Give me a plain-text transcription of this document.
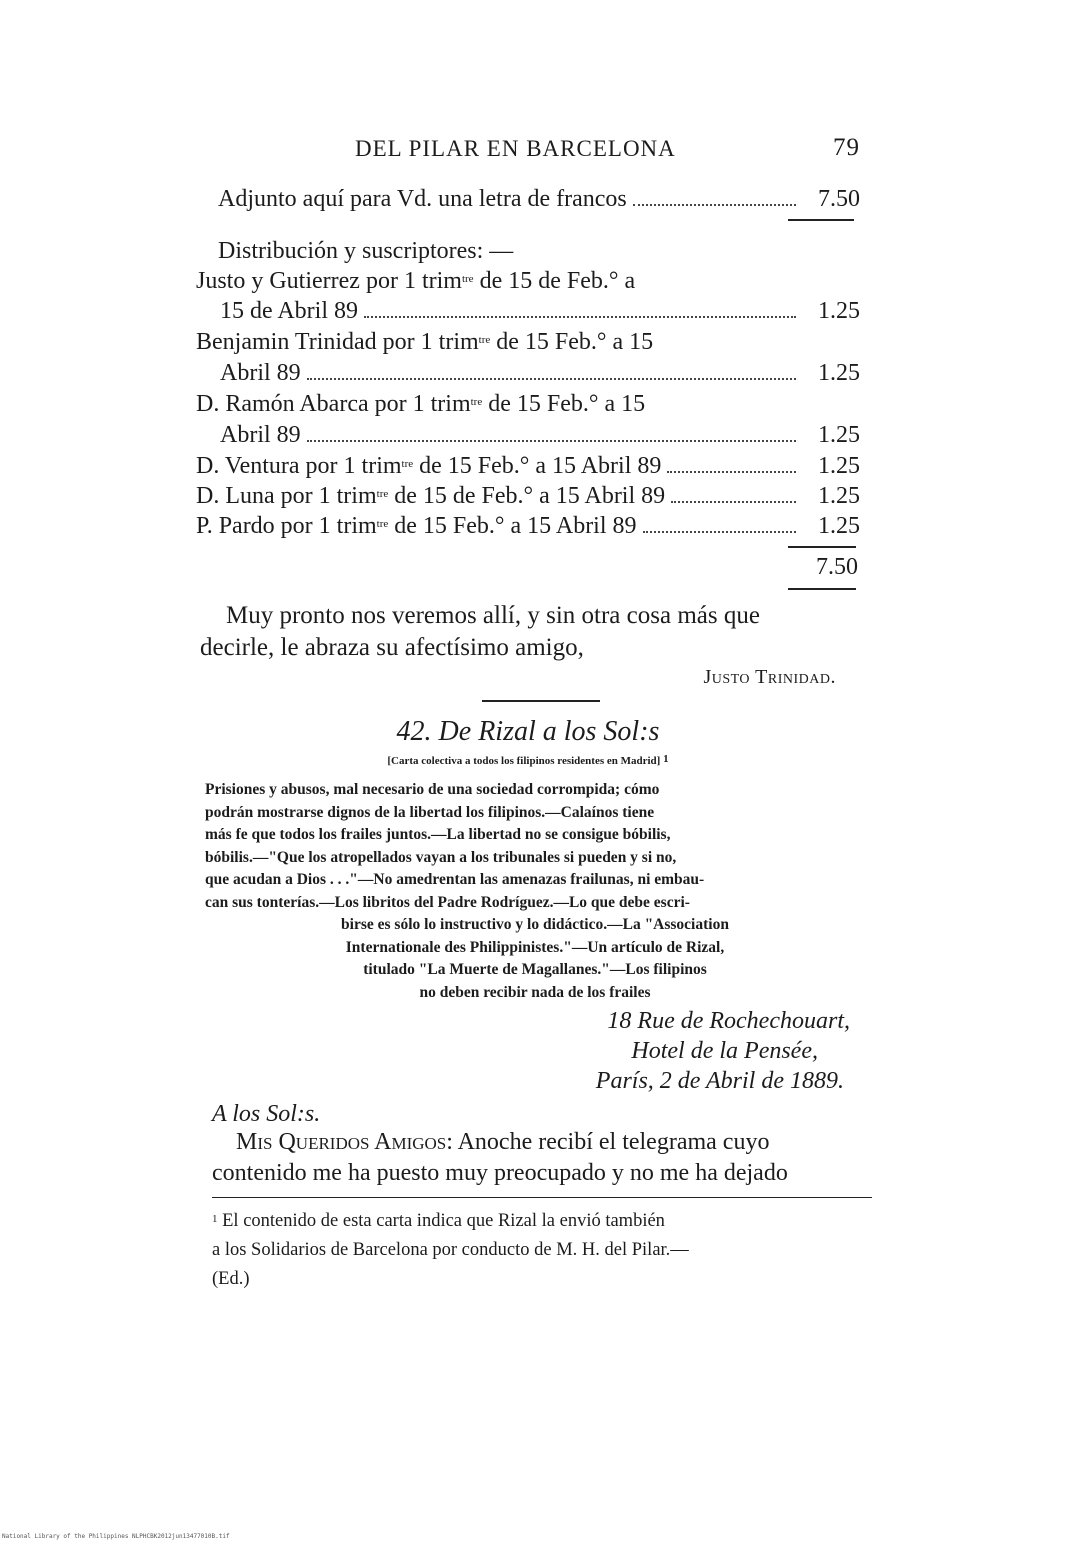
DEL PILAR EN BARCELONA	79
Adjunto aquí para Vd. una letra de francos	7.50
Distribución y suscriptores: —
Justo y Gutierrez por 1 trim$^{tre}$ de 15 de Feb.° a
15 de Abril 89	1.25
Benjamin Trinidad por 1 trim$^{tre}$ de 15 Feb.° a 15
Abril 89	1.25
D. Ramón Abarca por 1 trim$^{tre}$ de 15 Feb.° a 15
Abril 89	1.25
D. Ventura por 1 trim$^{tre}$ de 15 Feb.° a 15 Abril 89	1.25
D. Luna por 1 trim$^{tre}$ de 15 de Feb.° a 15 Abril 89	1.25
P. Pardo por 1 trim$^{tre}$ de 15 Feb.° a 15 Abril 89	1.25
7.50
Muy pronto nos veremos allí, y sin otra cosa más que
decirle, le abraza su afectísimo amigo,
Justo Trinidad.
42. De Rizal a los Sol:s
[Carta colectiva a todos los filipinos residentes en Madrid] $^1$
Prisiones y abusos, mal necesario de una sociedad corrompida; cómo
podrán mostrarse dignos de la libertad los filipinos.—Calaínos tiene
más fe que todos los frailes juntos.—La libertad no se consigue bóbilis,
bóbilis.—"Que los atropellados vayan a los tribunales si pueden y si no,
que acudan a Dios . . ."—No amedrentan las amenazas frailunas, ni embau-
can sus tonterías.—Los libritos del Padre Rodríguez.—Lo que debe escri-
birse es sólo lo instructivo y lo didáctico.—La "Association
Internationale des Philippinistes."—Un artículo de Rizal,
titulado "La Muerte de Magallanes."—Los filipinos
no deben recibir nada de los frailes
18 Rue de Rochechouart,
Hotel de la Pensée,
París, 2 de Abril de 1889.
A los Sol:s.
Mis Queridos Amigos: Anoche recibí el telegrama cuyo
contenido me ha puesto muy preocupado y no me ha dejado
$^1$ El contenido de esta carta indica que Rizal la envió también
a los Solidarios de Barcelona por conducto de M. H. del Pilar.—
(Ed.)
National Library of the Philippines NLPHCBK2012jun13477010B.tif
